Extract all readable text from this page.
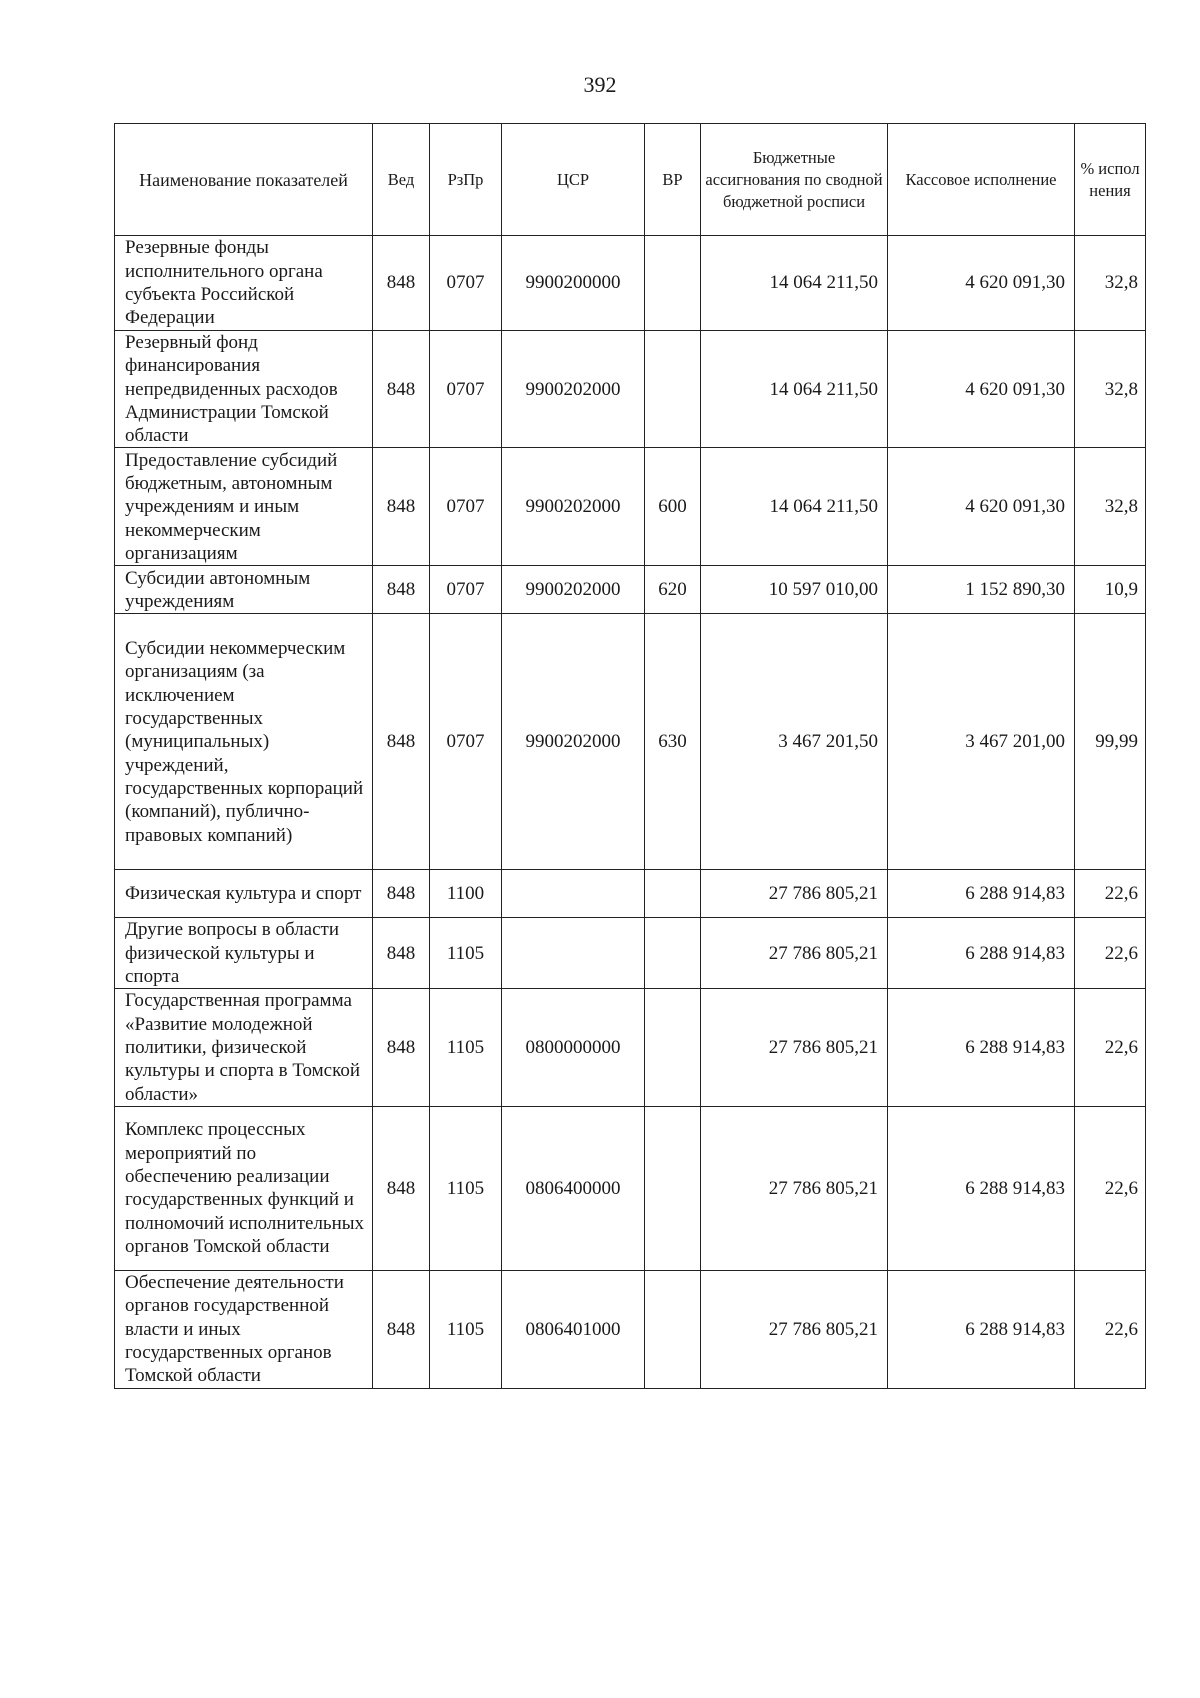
392
Наименование показателей	Вед	РзПр	ЦСР	ВР	Бюджетные ассигнования по сводной бюджетной росписи	Кассовое исполнение	% испол нения
Резервные фонды исполнительного органа субъекта Российской Федерации	848	0707	9900200000		14 064 211,50	4 620 091,30	32,8
Резервный фонд финансирования непредвиденных расходов Администрации Томской области	848	0707	9900202000		14 064 211,50	4 620 091,30	32,8
Предоставление субсидий бюджетным, автономным учреждениям и иным некоммерческим организациям	848	0707	9900202000	600	14 064 211,50	4 620 091,30	32,8
Субсидии автономным учреждениям	848	0707	9900202000	620	10 597 010,00	1 152 890,30	10,9
Субсидии некоммерческим организациям (за исключением государственных (муниципальных) учреждений, государственных корпораций (компаний), публично-правовых компаний)	848	0707	9900202000	630	3 467 201,50	3 467 201,00	99,99
Физическая культура и спорт	848	1100			27 786 805,21	6 288 914,83	22,6
Другие вопросы в области физической культуры и спорта	848	1105			27 786 805,21	6 288 914,83	22,6
Государственная программа «Развитие молодежной политики, физической культуры и спорта в Томской области»	848	1105	0800000000		27 786 805,21	6 288 914,83	22,6
Комплекс процессных мероприятий по обеспечению реализации государственных функций и полномочий исполнительных органов Томской области	848	1105	0806400000		27 786 805,21	6 288 914,83	22,6
Обеспечение деятельности органов государственной власти и иных государственных органов Томской области	848	1105	0806401000		27 786 805,21	6 288 914,83	22,6
